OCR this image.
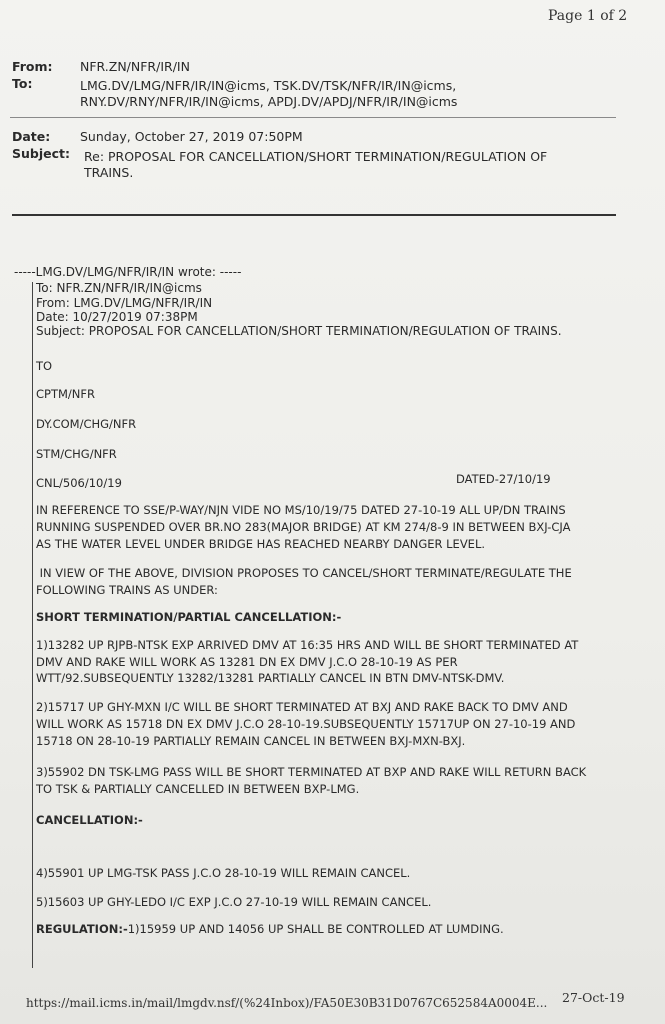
Page 1 of 2
From: NFR.ZN/NFR/IR/IN
To:	LMG.DV/LMG/NFR/IR/IN@icms, TSK.DV/TSK/NFR/IR/IN@icms,
RNY.DV/RNY/NFR/IR/IN@icms, APDJ.DV/APDJ/NFR/IR/IN@icms
Date: Sunday, October 27, 2019 07:50PM
Subject: Re: PROPOSAL FOR CANCELLATION/SHORT TERMINATION/REGULATION OF
TRAINS.
-----LMG.DV/LMG/NFR/IR/IN wrote: -----
To: NFR.ZN/NFR/IR/IN@icms
From: LMG.DV/LMG/NFR/IR/IN
Date: 10/27/2019 07:38PM
Subject: PROPOSAL FOR CANCELLATION/SHORT TERMINATION/REGULATION OF TRAINS.
TO
CPTM/NFR
DY.COM/CHG/NFR
STM/CHG/NFR
CNL/506/10/19	DATED-27/10/19
IN REFERENCE TO SSE/P-WAY/NJN VIDE NO MS/10/19/75 DATED 27-10-19 ALL UP/DN TRAINS
RUNNING SUSPENDED OVER BR.NO 283(MAJOR BRIDGE) AT KM 274/8-9 IN BETWEEN BXJ-CJA
AS THE WATER LEVEL UNDER BRIDGE HAS REACHED NEARBY DANGER LEVEL.
IN VIEW OF THE ABOVE, DIVISION PROPOSES TO CANCEL/SHORT TERMINATE/REGULATE THE
FOLLOWING TRAINS AS UNDER:
SHORT TERMINATION/PARTIAL CANCELLATION:-
1)13282 UP RJPB-NTSK EXP ARRIVED DMV AT 16:35 HRS AND WILL BE SHORT TERMINATED AT
DMV AND RAKE WILL WORK AS 13281 DN EX DMV J.C.O 28-10-19 AS PER
WTT/92.SUBSEQUENTLY 13282/13281 PARTIALLY CANCEL IN BTN DMV-NTSK-DMV.
2)15717 UP GHY-MXN I/C WILL BE SHORT TERMINATED AT BXJ AND RAKE BACK TO DMV AND
WILL WORK AS 15718 DN EX DMV J.C.O 28-10-19.SUBSEQUENTLY 15717UP ON 27-10-19 AND
15718 ON 28-10-19 PARTIALLY REMAIN CANCEL IN BETWEEN BXJ-MXN-BXJ.
3)55902 DN TSK-LMG PASS WILL BE SHORT TERMINATED AT BXP AND RAKE WILL RETURN BACK
TO TSK & PARTIALLY CANCELLED IN BETWEEN BXP-LMG.
CANCELLATION:-
4)55901 UP LMG-TSK PASS J.C.O 28-10-19 WILL REMAIN CANCEL.
5)15603 UP GHY-LEDO I/C EXP J.C.O 27-10-19 WILL REMAIN CANCEL.
REGULATION:-1)15959 UP AND 14056 UP SHALL BE CONTROLLED AT LUMDING.
https://mail.icms.in/mail/lmgdv.nsf/(%24Inbox)/FA50E30B31D0767C652584A0004E... 27-Oct-19
